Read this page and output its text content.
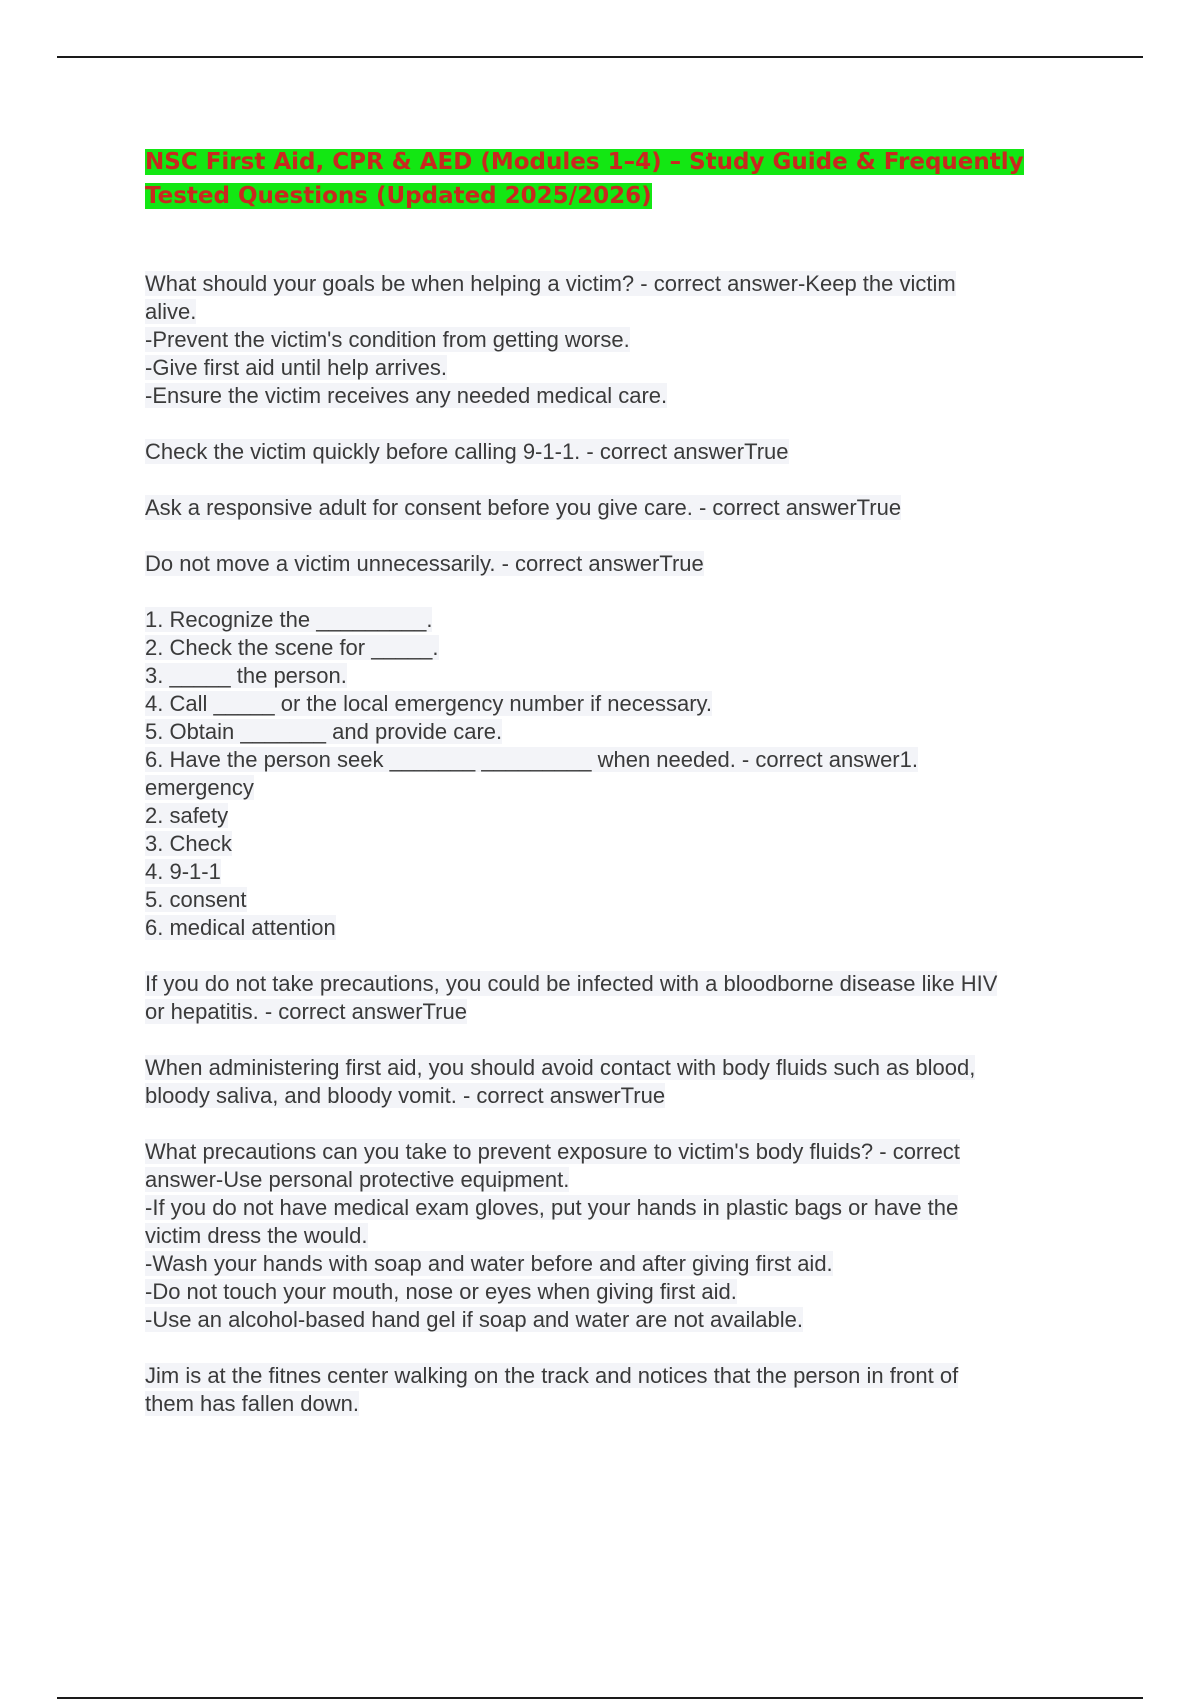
NSC First Aid, CPR & AED (Modules 1–4) – Study Guide & Frequently Tested Questions (Updated 2025/2026)
What should your goals be when helping a victim? - correct answer-Keep the victim
alive.
-Prevent the victim's condition from getting worse.
-Give first aid until help arrives.
-Ensure the victim receives any needed medical care.
Check the victim quickly before calling 9-1-1. - correct answerTrue
Ask a responsive adult for consent before you give care. - correct answerTrue
Do not move a victim unnecessarily. - correct answerTrue
1. Recognize the _________.
2. Check the scene for _____.
3. _____ the person.
4. Call _____ or the local emergency number if necessary.
5. Obtain _______ and provide care.
6. Have the person seek _______ _________ when needed. - correct answer1.
emergency
2. safety
3. Check
4. 9-1-1
5. consent
6. medical attention
If you do not take precautions, you could be infected with a bloodborne disease like HIV
or hepatitis. - correct answerTrue
When administering first aid, you should avoid contact with body fluids such as blood,
bloody saliva, and bloody vomit. - correct answerTrue
What precautions can you take to prevent exposure to victim's body fluids? - correct
answer-Use personal protective equipment.
-If you do not have medical exam gloves, put your hands in plastic bags or have the
victim dress the would.
-Wash your hands with soap and water before and after giving first aid.
-Do not touch your mouth, nose or eyes when giving first aid.
-Use an alcohol-based hand gel if soap and water are not available.
Jim is at the fitnes center walking on the track and notices that the person in front of
them has fallen down.
